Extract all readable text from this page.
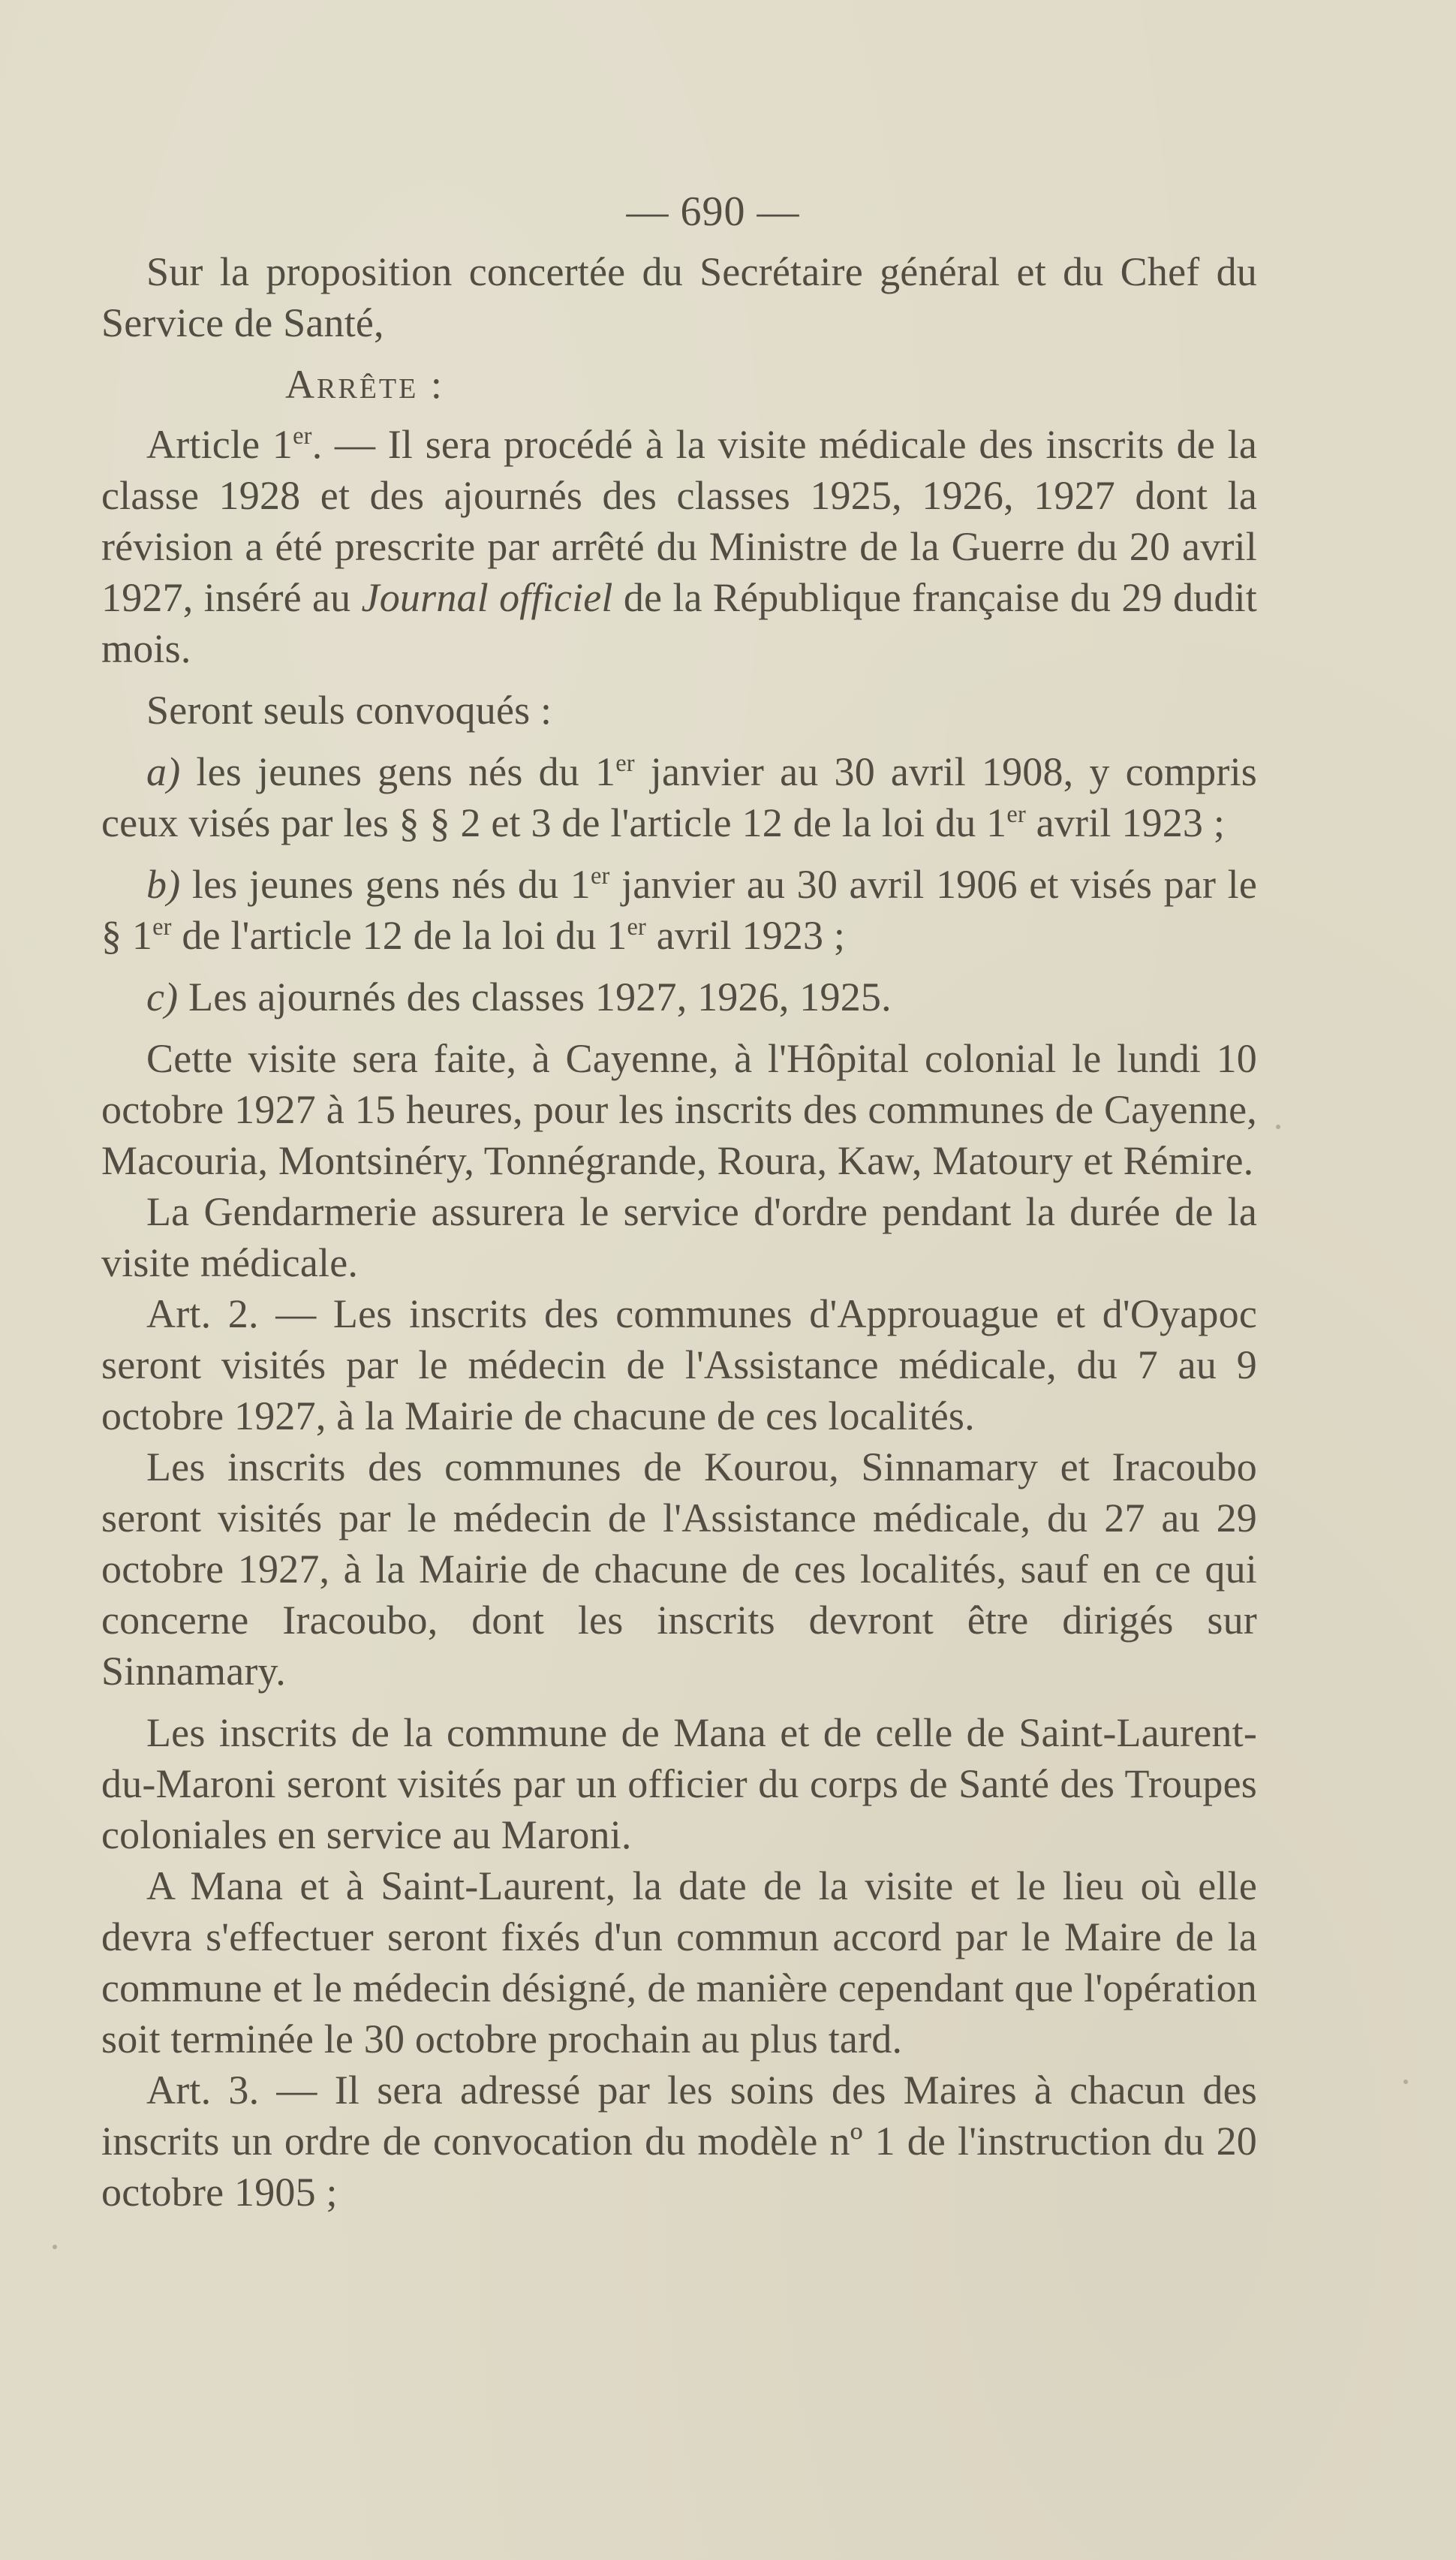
— 690 —

Sur la proposition concertée du Secrétaire général et du Chef du Service de Santé,

Arrête :

Article 1er. — Il sera procédé à la visite médicale des inscrits de la classe 1928 et des ajournés des classes 1925, 1926, 1927 dont la révision a été prescrite par arrêté du Ministre de la Guerre du 20 avril 1927, inséré au Journal officiel de la République française du 29 dudit mois.

Seront seuls convoqués :

a) les jeunes gens nés du 1er janvier au 30 avril 1908, y compris ceux visés par les § § 2 et 3 de l'article 12 de la loi du 1er avril 1923 ;

b) les jeunes gens nés du 1er janvier au 30 avril 1906 et visés par le § 1er de l'article 12 de la loi du 1er avril 1923 ;

c) Les ajournés des classes 1927, 1926, 1925.

Cette visite sera faite, à Cayenne, à l'Hôpital colonial le lundi 10 octobre 1927 à 15 heures, pour les inscrits des communes de Cayenne, Macouria, Montsinéry, Tonnégrande, Roura, Kaw, Matoury et Rémire.

La Gendarmerie assurera le service d'ordre pendant la durée de la visite médicale.

Art. 2. — Les inscrits des communes d'Approuague et d'Oyapoc seront visités par le médecin de l'Assistance médicale, du 7 au 9 octobre 1927, à la Mairie de chacune de ces localités.

Les inscrits des communes de Kourou, Sinnamary et Iracoubo seront visités par le médecin de l'Assistance médicale, du 27 au 29 octobre 1927, à la Mairie de chacune de ces localités, sauf en ce qui concerne Iracoubo, dont les inscrits devront être dirigés sur Sinnamary.

Les inscrits de la commune de Mana et de celle de Saint-Laurent-du-Maroni seront visités par un officier du corps de Santé des Troupes coloniales en service au Maroni.

A Mana et à Saint-Laurent, la date de la visite et le lieu où elle devra s'effectuer seront fixés d'un commun accord par le Maire de la commune et le médecin désigné, de manière cependant que l'opération soit terminée le 30 octobre prochain au plus tard.

Art. 3. — Il sera adressé par les soins des Maires à chacun des inscrits un ordre de convocation du modèle nº 1 de l'instruction du 20 octobre 1905 ;
